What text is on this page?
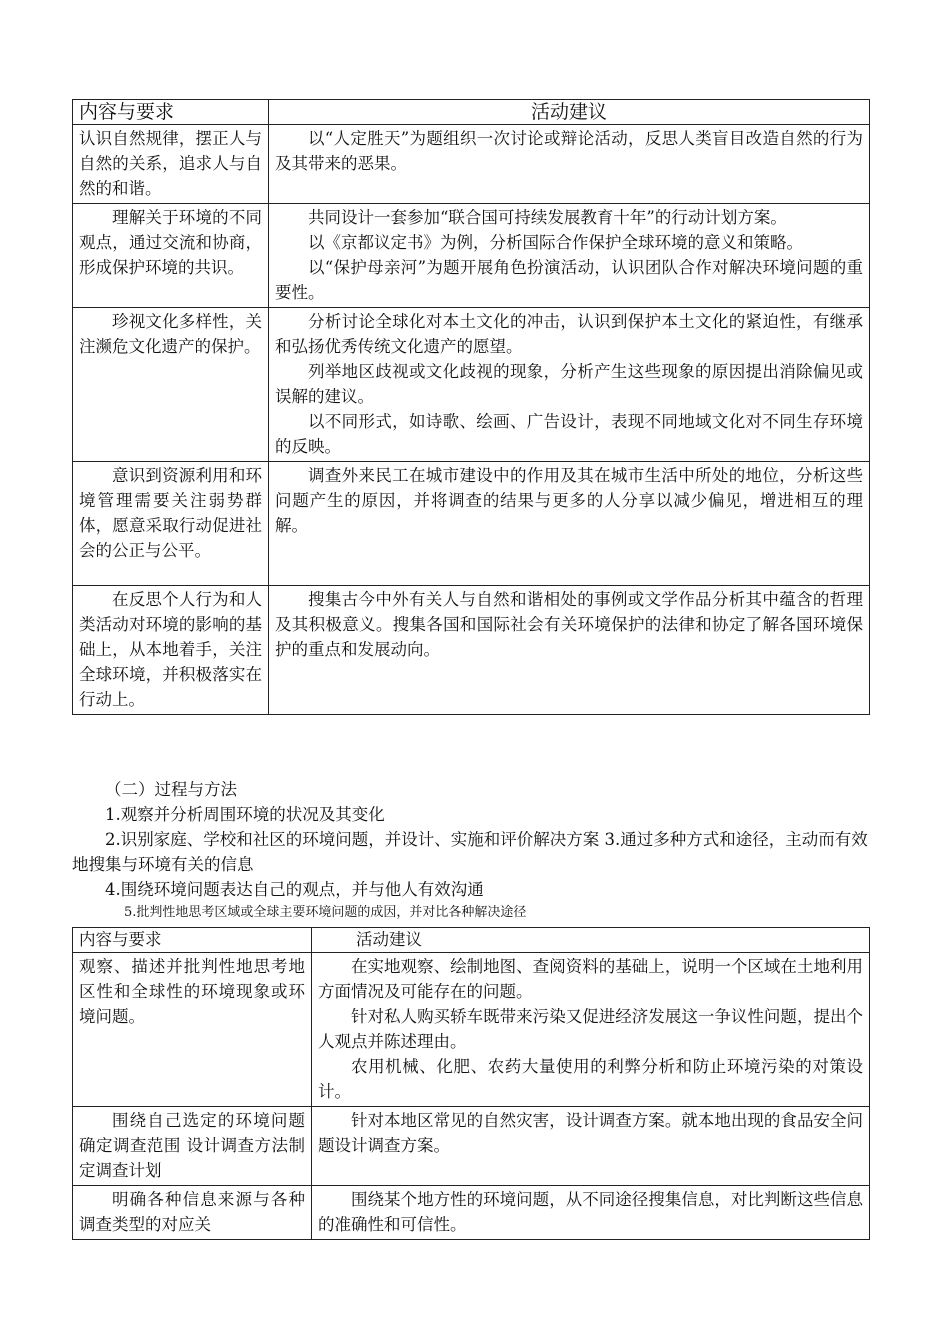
内容与要求	活动建议

认识自然规律，摆正人与自然的关系，追求人与自然的和谐。	以“人定胜天”为题组织一次讨论或辩论活动，反思人类盲目改造自然的行为及其带来的恶果。

理解关于环境的不同观点，通过交流和协商，形成保护环境的共识。	共同设计一套参加“联合国可持续发展教育十年”的行动计划方案。

以《京都议定书》为例，分析国际合作保护全球环境的意义和策略。

以“保护母亲河”为题开展角色扮演活动，认识团队合作对解决环境问题的重要性。

珍视文化多样性，关注濒危文化遗产的保护。	分析讨论全球化对本土文化的冲击，认识到保护本土文化的紧迫性，有继承和弘扬优秀传统文化遗产的愿望。

列举地区歧视或文化歧视的现象，分析产生这些现象的原因提出消除偏见或误解的建议。

以不同形式，如诗歌、绘画、广告设计，表现不同地域文化对不同生存环境的反映。

意识到资源利用和环境管理需要关注弱势群体，愿意采取行动促进社会的公正与公平。	调查外来民工在城市建设中的作用及其在城市生活中所处的地位，分析这些问题产生的原因，并将调查的结果与更多的人分享以减少偏见，增进相互的理解。

在反思个人行为和人类活动对环境的影响的基础上，从本地着手，关注全球环境，并积极落实在行动上。	搜集古今中外有关人与自然和谐相处的事例或文学作品分析其中蕴含的哲理及其积极意义。搜集各国和国际社会有关环境保护的法律和协定了解各国环境保护的重点和发展动向。

（二）过程与方法

1.观察并分析周围环境的状况及其变化

2.识别家庭、学校和社区的环境问题，并设计、实施和评价解决方案 3.通过多种方式和途径，主动而有效地搜集与环境有关的信息

4.围绕环境问题表达自己的观点，并与他人有效沟通

5.批判性地思考区域或全球主要环境问题的成因，并对比各种解决途径

内容与要求	活动建议

观察、描述并批判性地思考地区性和全球性的环境现象或环境问题。	在实地观察、绘制地图、查阅资料的基础上，说明一个区域在土地利用方面情况及可能存在的问题。

针对私人购买轿车既带来污染又促进经济发展这一争议性问题，提出个人观点并陈述理由。

农用机械、化肥、农药大量使用的利弊分析和防止环境污染的对策设计。

围绕自己选定的环境问题确定调查范围 设计调查方法制定调查计划	针对本地区常见的自然灾害，设计调查方案。就本地出现的食品安全问题设计调查方案。

明确各种信息来源与各种调查类型的对应关	围绕某个地方性的环境问题，从不同途径搜集信息，对比判断这些信息的准确性和可信性。
